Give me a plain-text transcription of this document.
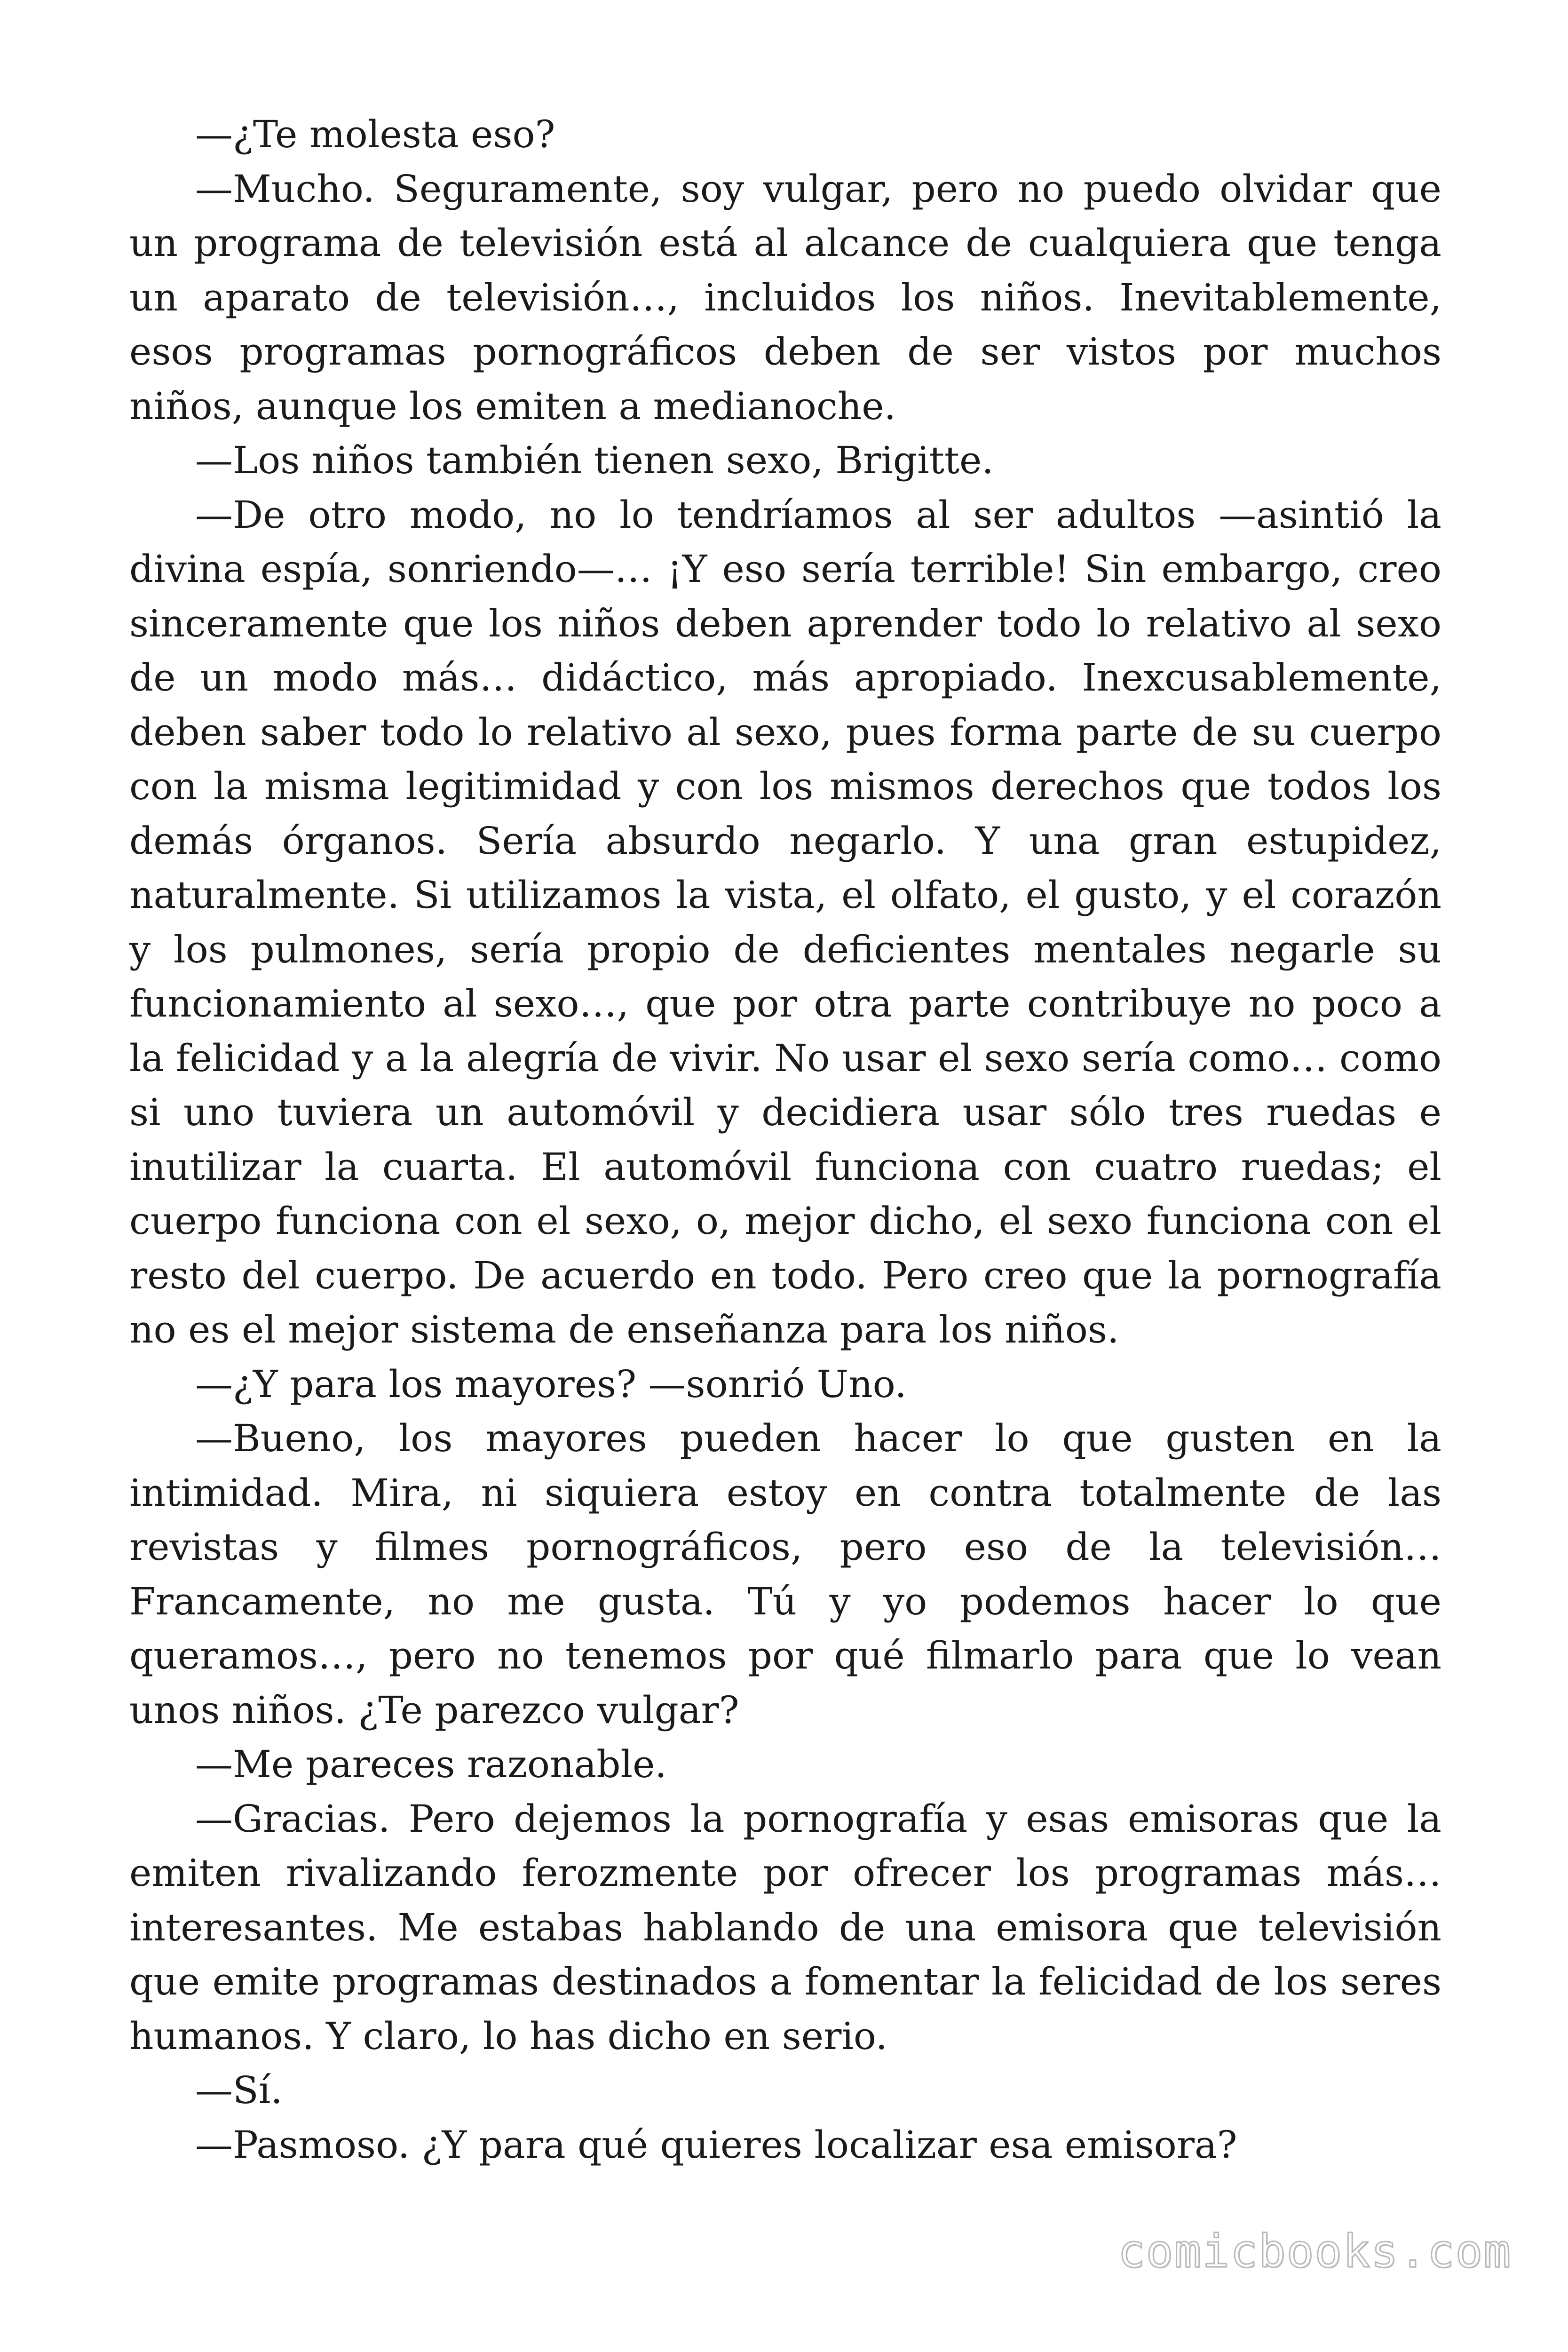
—¿Te molesta eso?

—Mucho. Seguramente, soy vulgar, pero no puedo olvidar que un programa de televisión está al alcance de cualquiera que tenga un aparato de televisión…, incluidos los niños. Inevitablemente, esos programas pornográficos deben de ser vistos por muchos niños, aunque los emiten a medianoche.

—Los niños también tienen sexo, Brigitte.

—De otro modo, no lo tendríamos al ser adultos —asintió la divina espía, sonriendo—… ¡Y eso sería terrible! Sin embargo, creo sinceramente que los niños deben aprender todo lo relativo al sexo de un modo más… didáctico, más apropiado. Inexcusablemente, deben saber todo lo relativo al sexo, pues forma parte de su cuerpo con la misma legitimidad y con los mismos derechos que todos los demás órganos. Sería absurdo negarlo. Y una gran estupidez, naturalmente. Si utilizamos la vista, el olfato, el gusto, y el corazón y los pulmones, sería propio de deficientes mentales negarle su funcionamiento al sexo…, que por otra parte contribuye no poco a la felicidad y a la alegría de vivir. No usar el sexo sería como… como si uno tuviera un automóvil y decidiera usar sólo tres ruedas e inutilizar la cuarta. El automóvil funciona con cuatro ruedas; el cuerpo funciona con el sexo, o, mejor dicho, el sexo funciona con el resto del cuerpo. De acuerdo en todo. Pero creo que la pornografía no es el mejor sistema de enseñanza para los niños.

—¿Y para los mayores? —sonrió Uno.

—Bueno, los mayores pueden hacer lo que gusten en la intimidad. Mira, ni siquiera estoy en contra totalmente de las revistas y filmes pornográficos, pero eso de la televisión… Francamente, no me gusta. Tú y yo podemos hacer lo que queramos…, pero no tenemos por qué filmarlo para que lo vean unos niños. ¿Te parezco vulgar?

—Me pareces razonable.

—Gracias. Pero dejemos la pornografía y esas emisoras que la emiten rivalizando ferozmente por ofrecer los programas más… interesantes. Me estabas hablando de una emisora que televisión que emite programas destinados a fomentar la felicidad de los seres humanos. Y claro, lo has dicho en serio.

—Sí.

—Pasmoso. ¿Y para qué quieres localizar esa emisora?

comicbooks.com
